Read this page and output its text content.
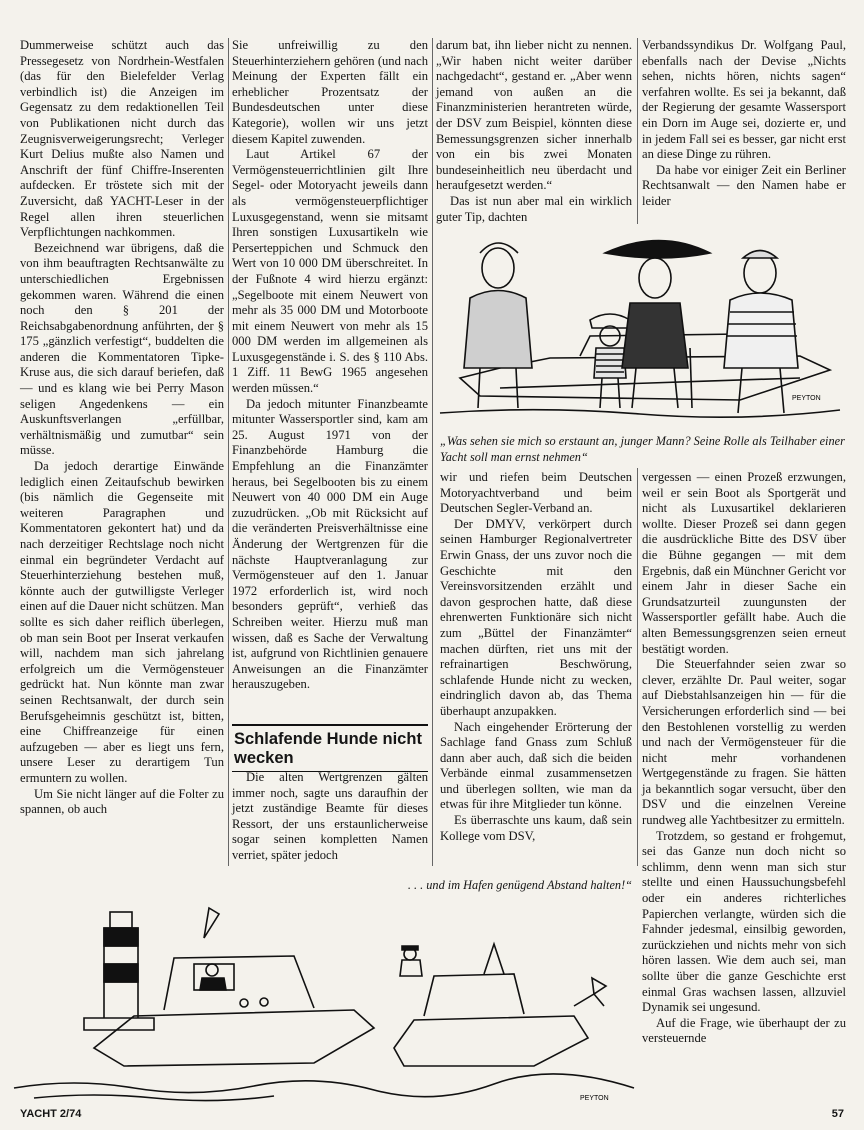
Dummerweise schützt auch das Pressegesetz von Nordrhein-Westfalen (das für den Bielefelder Verlag verbindlich ist) die Anzeigen im Gegensatz zu dem redaktionellen Teil von Publikationen nicht durch das Zeugnisverweigerungsrecht; Verleger Kurt Delius mußte also Namen und Anschrift der fünf Chiffre-Inserenten aufdecken. Er tröstete sich mit der Zuversicht, daß YACHT-Leser in der Regel allen ihren steuerlichen Verpflichtungen nachkommen.

Bezeichnend war übrigens, daß die von ihm beauftragten Rechtsanwälte zu unterschiedlichen Ergebnissen gekommen waren. Während die einen noch den § 201 der Reichsabgabenordnung anführten, der § 175 „gänzlich verfestigt“, buddelten die anderen die Kommentatoren Tipke-Kruse aus, die sich darauf beriefen, daß — und es klang wie bei Perry Mason seligen Angedenkens — ein Auskunftsverlangen „erfüllbar, verhältnismäßig und zumutbar“ sein müsse.

Da jedoch derartige Einwände lediglich einen Zeitaufschub bewirken (bis nämlich die Gegenseite mit weiteren Paragraphen und Kommentatoren gekontert hat) und da nach derzeitiger Rechtslage noch nicht einmal ein begründeter Verdacht auf Steuerhinterziehung bestehen muß, könnte auch der gutwilligste Verleger einen auf die Dauer nicht schützen. Man sollte es sich daher reiflich überlegen, ob man sein Boot per Inserat verkaufen will, nachdem man sich jahrelang erfolgreich um die Vermögensteuer gedrückt hat. Nun könnte man zwar seinen Rechtsanwalt, der durch sein Berufsgeheimnis geschützt ist, bitten, eine Chiffreanzeige für einen aufzugeben — aber es liegt uns fern, unsere Leser zu derartigem Tun ermuntern zu wollen.

Um Sie nicht länger auf die Folter zu spannen, ob auch

Sie unfreiwillig zu den Steuerhinterziehern gehören (und nach Meinung der Experten fällt ein erheblicher Prozentsatz der Bundesdeutschen unter diese Kategorie), wollen wir uns jetzt diesem Kapitel zuwenden.

Laut Artikel 67 der Vermögensteuerrichtlinien gilt Ihre Segel- oder Motoryacht jeweils dann als vermögensteuerpflichtiger Luxusgegenstand, wenn sie mitsamt Ihren sonstigen Luxusartikeln wie Perserteppichen und Schmuck den Wert von 10 000 DM überschreitet. In der Fußnote 4 wird hierzu ergänzt: „Segelboote mit einem Neuwert von mehr als 35 000 DM und Motorboote mit einem Neuwert von mehr als 15 000 DM werden im allgemeinen als Luxusgegenstände i. S. des § 110 Abs. 1 Ziff. 11 BewG 1965 angesehen werden müssen.“

Da jedoch mitunter Finanzbeamte mitunter Wassersportler sind, kam am 25. August 1971 von der Finanzbehörde Hamburg die Empfehlung an die Finanzämter heraus, bei Segelbooten bis zu einem Neuwert von 40 000 DM ein Auge zuzudrücken. „Ob mit Rücksicht auf die veränderten Preisverhältnisse eine Änderung der Wertgrenzen für die nächste Hauptveranlagung zur Vermögensteuer auf den 1. Januar 1972 erforderlich ist, wird noch besonders geprüft“, verhieß das Schreiben weiter. Hierzu muß man wissen, daß es Sache der Verwaltung ist, aufgrund von Richtlinien genauere Anweisungen an die Finanzämter herauszugeben.

Schlafende Hunde nicht wecken

Die alten Wertgrenzen gälten immer noch, sagte uns daraufhin der jetzt zuständige Beamte für dieses Ressort, der uns erstaunlicherweise sogar seinen kompletten Namen verriet, später jedoch

darum bat, ihn lieber nicht zu nennen. „Wir haben nicht weiter darüber nachgedacht“, gestand er. „Aber wenn jemand von außen an die Finanzministerien herantreten würde, der DSV zum Beispiel, könnten diese Bemessungsgrenzen sicher innerhalb von ein bis zwei Monaten bundeseinheitlich neu überdacht und heraufgesetzt werden.“

Das ist nun aber mal ein wirklich guter Tip, dachten

Verbandssyndikus Dr. Wolfgang Paul, ebenfalls nach der Devise „Nichts sehen, nichts hören, nichts sagen“ verfahren wollte. Es sei ja bekannt, daß der Regierung der gesamte Wassersport ein Dorn im Auge sei, dozierte er, und in jedem Fall sei es besser, gar nicht erst an diese Dinge zu rühren.

Da habe vor einiger Zeit ein Berliner Rechtsanwalt — den Namen habe er leider

PEYTON
„Was sehen sie mich so erstaunt an, junger Mann? Seine Rolle als Teilhaber einer Yacht soll man ernst nehmen“

wir und riefen beim Deutschen Motoryachtverband und beim Deutschen Segler-Verband an.

Der DMYV, verkörpert durch seinen Hamburger Regionalvertreter Erwin Gnass, der uns zuvor noch die Geschichte mit den Vereinsvorsitzenden erzählt und davon gesprochen hatte, daß diese ehrenwerten Funktionäre sich nicht zum „Büttel der Finanzämter“ machen dürften, riet uns mit der refrainartigen Beschwörung, schlafende Hunde nicht zu wecken, eindringlich davon ab, das Thema überhaupt anzupakken.

Nach eingehender Erörterung der Sachlage fand Gnass zum Schluß dann aber auch, daß sich die beiden Verbände einmal zusammensetzen und überlegen sollten, wie man da etwas für ihre Mitglieder tun könne.

Es überraschte uns kaum, daß sein Kollege vom DSV,

vergessen — einen Prozeß erzwungen, weil er sein Boot als Sportgerät und nicht als Luxusartikel deklarieren wollte. Dieser Prozeß sei dann gegen die ausdrückliche Bitte des DSV über die Bühne gegangen — mit dem Ergebnis, daß ein Münchner Gericht vor einem Jahr in dieser Sache ein Grundsatzurteil zuungunsten der Wassersportler gefällt habe. Auch die alten Bemessungsgrenzen seien erneut bestätigt worden.

Die Steuerfahnder seien zwar so clever, erzählte Dr. Paul weiter, sogar auf Diebstahlsanzeigen hin — für die Versicherungen erforderlich sind — bei den Bestohlenen vorstellig zu werden und nach der Vermögensteuer für die nicht mehr vorhandenen Wertgegenstände zu fragen. Sie hätten ja bekanntlich sogar versucht, über den DSV und die einzelnen Vereine rundweg alle Yachtbesitzer zu ermitteln.

Trotzdem, so gestand er frohgemut, sei das Ganze nun doch nicht so schlimm, denn wenn man sich stur stellte und einen Haussuchungsbefehl oder ein anderes richterliches Papierchen verlangte, würden sich die Fahnder jedesmal, einsilbig geworden, zurückziehen und nichts mehr von sich hören lassen. Wie dem auch sei, man sollte über die ganze Geschichte erst einmal Gras wachsen lassen, allzuviel Dynamik sei ungesund.

Auf die Frage, wie überhaupt der zu versteuernde

. . . und im Hafen genügend Abstand halten!“
PEYTON
YACHT 2/74	57
